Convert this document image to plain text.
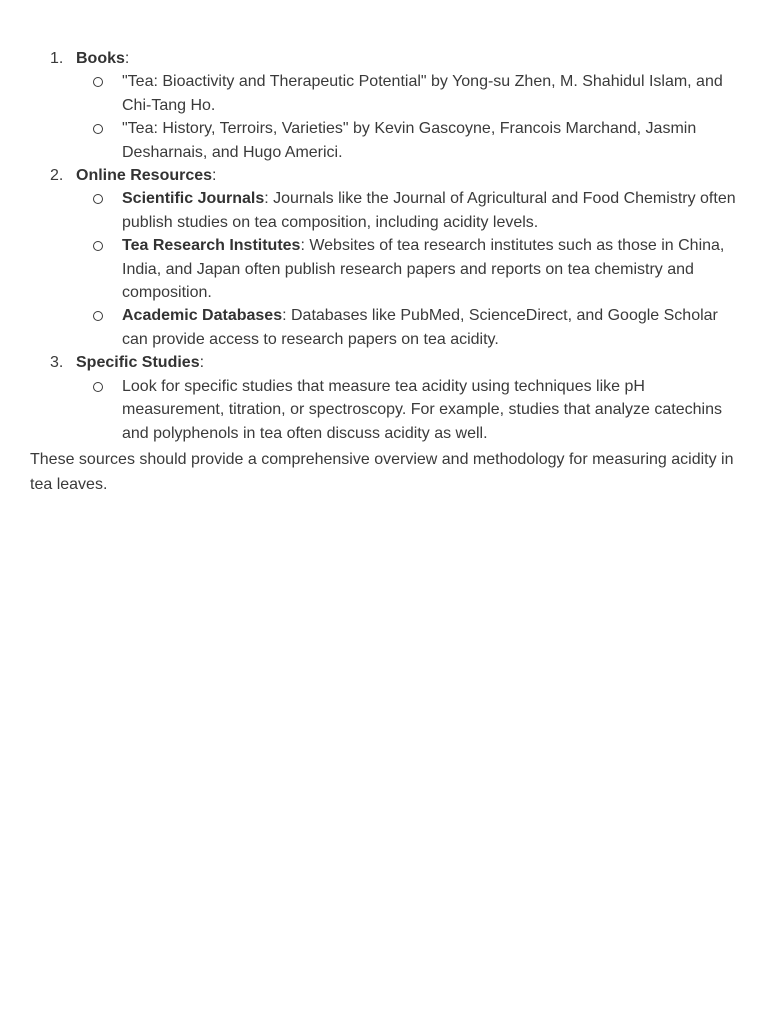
1. Books:
"Tea: Bioactivity and Therapeutic Potential" by Yong-su Zhen, M. Shahidul Islam, and Chi-Tang Ho.
"Tea: History, Terroirs, Varieties" by Kevin Gascoyne, Francois Marchand, Jasmin Desharnais, and Hugo Americi.
2. Online Resources:
Scientific Journals: Journals like the Journal of Agricultural and Food Chemistry often publish studies on tea composition, including acidity levels.
Tea Research Institutes: Websites of tea research institutes such as those in China, India, and Japan often publish research papers and reports on tea chemistry and composition.
Academic Databases: Databases like PubMed, ScienceDirect, and Google Scholar can provide access to research papers on tea acidity.
3. Specific Studies:
Look for specific studies that measure tea acidity using techniques like pH measurement, titration, or spectroscopy. For example, studies that analyze catechins and polyphenols in tea often discuss acidity as well.

These sources should provide a comprehensive overview and methodology for measuring acidity in tea leaves.
